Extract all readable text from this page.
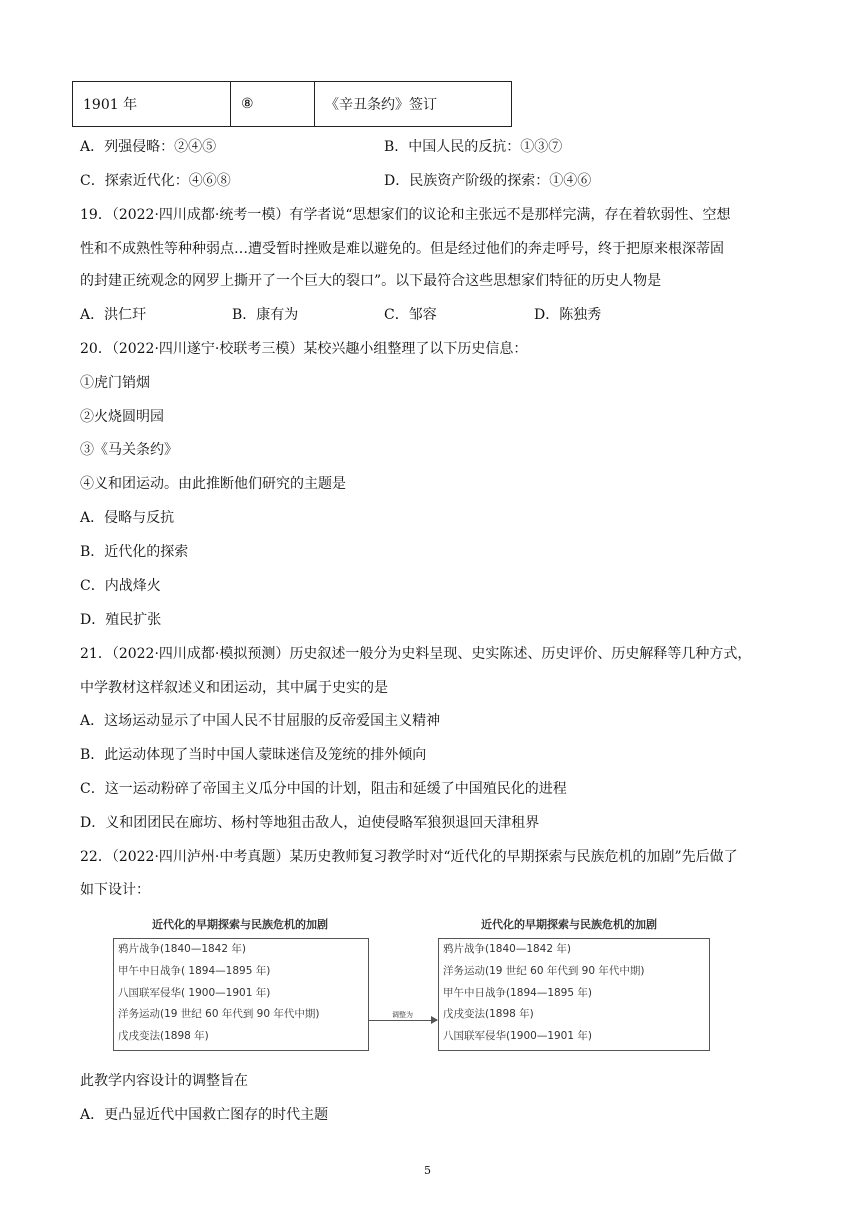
1901 年	⑧	《辛丑条约》签订
A．列强侵略：②④⑤	B．中国人民的反抗：①③⑦
C．探索近代化：④⑥⑧	D．民族资产阶级的探索：①④⑥
19．（2022·四川成都·统考一模）有学者说“思想家们的议论和主张远不是那样完满，存在着软弱性、空想
性和不成熟性等种种弱点…遭受暂时挫败是难以避免的。但是经过他们的奔走呼号，终于把原来根深蒂固
的封建正统观念的网罗上撕开了一个巨大的裂口”。以下最符合这些思想家们特征的历史人物是
A．洪仁玕	B．康有为	C．邹容	D．陈独秀
20．（2022·四川遂宁·校联考三模）某校兴趣小组整理了以下历史信息：
①虎门销烟
②火烧圆明园
③《马关条约》
④义和团运动。由此推断他们研究的主题是
A．侵略与反抗
B．近代化的探索
C．内战烽火
D．殖民扩张
21．（2022·四川成都·模拟预测）历史叙述一般分为史料呈现、史实陈述、历史评价、历史解释等几种方式，
中学教材这样叙述义和团运动，其中属于史实的是
A．这场运动显示了中国人民不甘屈服的反帝爱国主义精神
B．此运动体现了当时中国人蒙昧迷信及笼统的排外倾向
C．这一运动粉碎了帝国主义瓜分中国的计划，阻击和延缓了中国殖民化的进程
D．义和团团民在廊坊、杨村等地狙击敌人，迫使侵略军狼狈退回天津租界
22．（2022·四川泸州·中考真题）某历史教师复习教学时对“近代化的早期探索与民族危机的加剧”先后做了
如下设计：
近代化的早期探索与民族危机的加剧
鸦片战争(1840—1842 年)
甲午中日战争( 1894—1895 年)
八国联军侵华( 1900—1901 年)
洋务运动(19 世纪 60 年代到 90 年代中期)
戊戌变法(1898 年)
调整为
近代化的早期探索与民族危机的加剧
鸦片战争(1840—1842 年)
洋务运动(19 世纪 60 年代到 90 年代中期)
甲午中日战争(1894—1895 年)
戊戌变法(1898 年)
八国联军侵华(1900—1901 年)
此教学内容设计的调整旨在
A．更凸显近代中国救亡图存的时代主题
5
